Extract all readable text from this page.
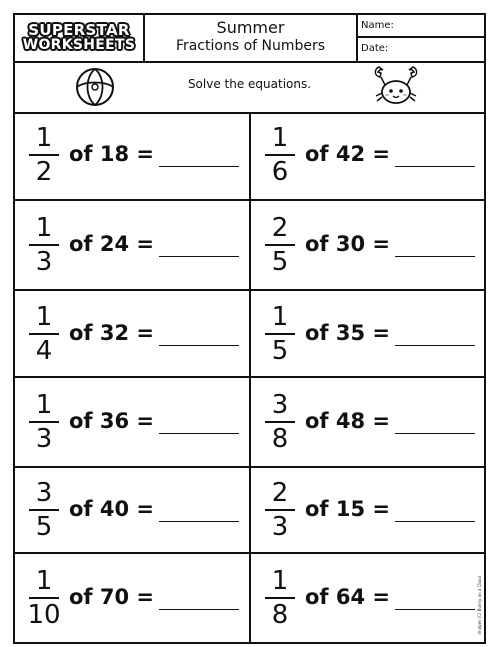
SUPERSTAR
WORKSHEETS
Summer
Fractions of Numbers
Name:
Date:
Solve the equations.
1
2
of 18 =
1
6
of 42 =
1
3
of 24 =
2
5
of 30 =
1
4
of 32 =
1
5
of 35 =
1
3
of 36 =
3
8
of 48 =
3
5
of 40 =
2
3
of 15 =
1
10
of 70 =
1
8
of 64 =	Images (C) Bunny on a Cloud
